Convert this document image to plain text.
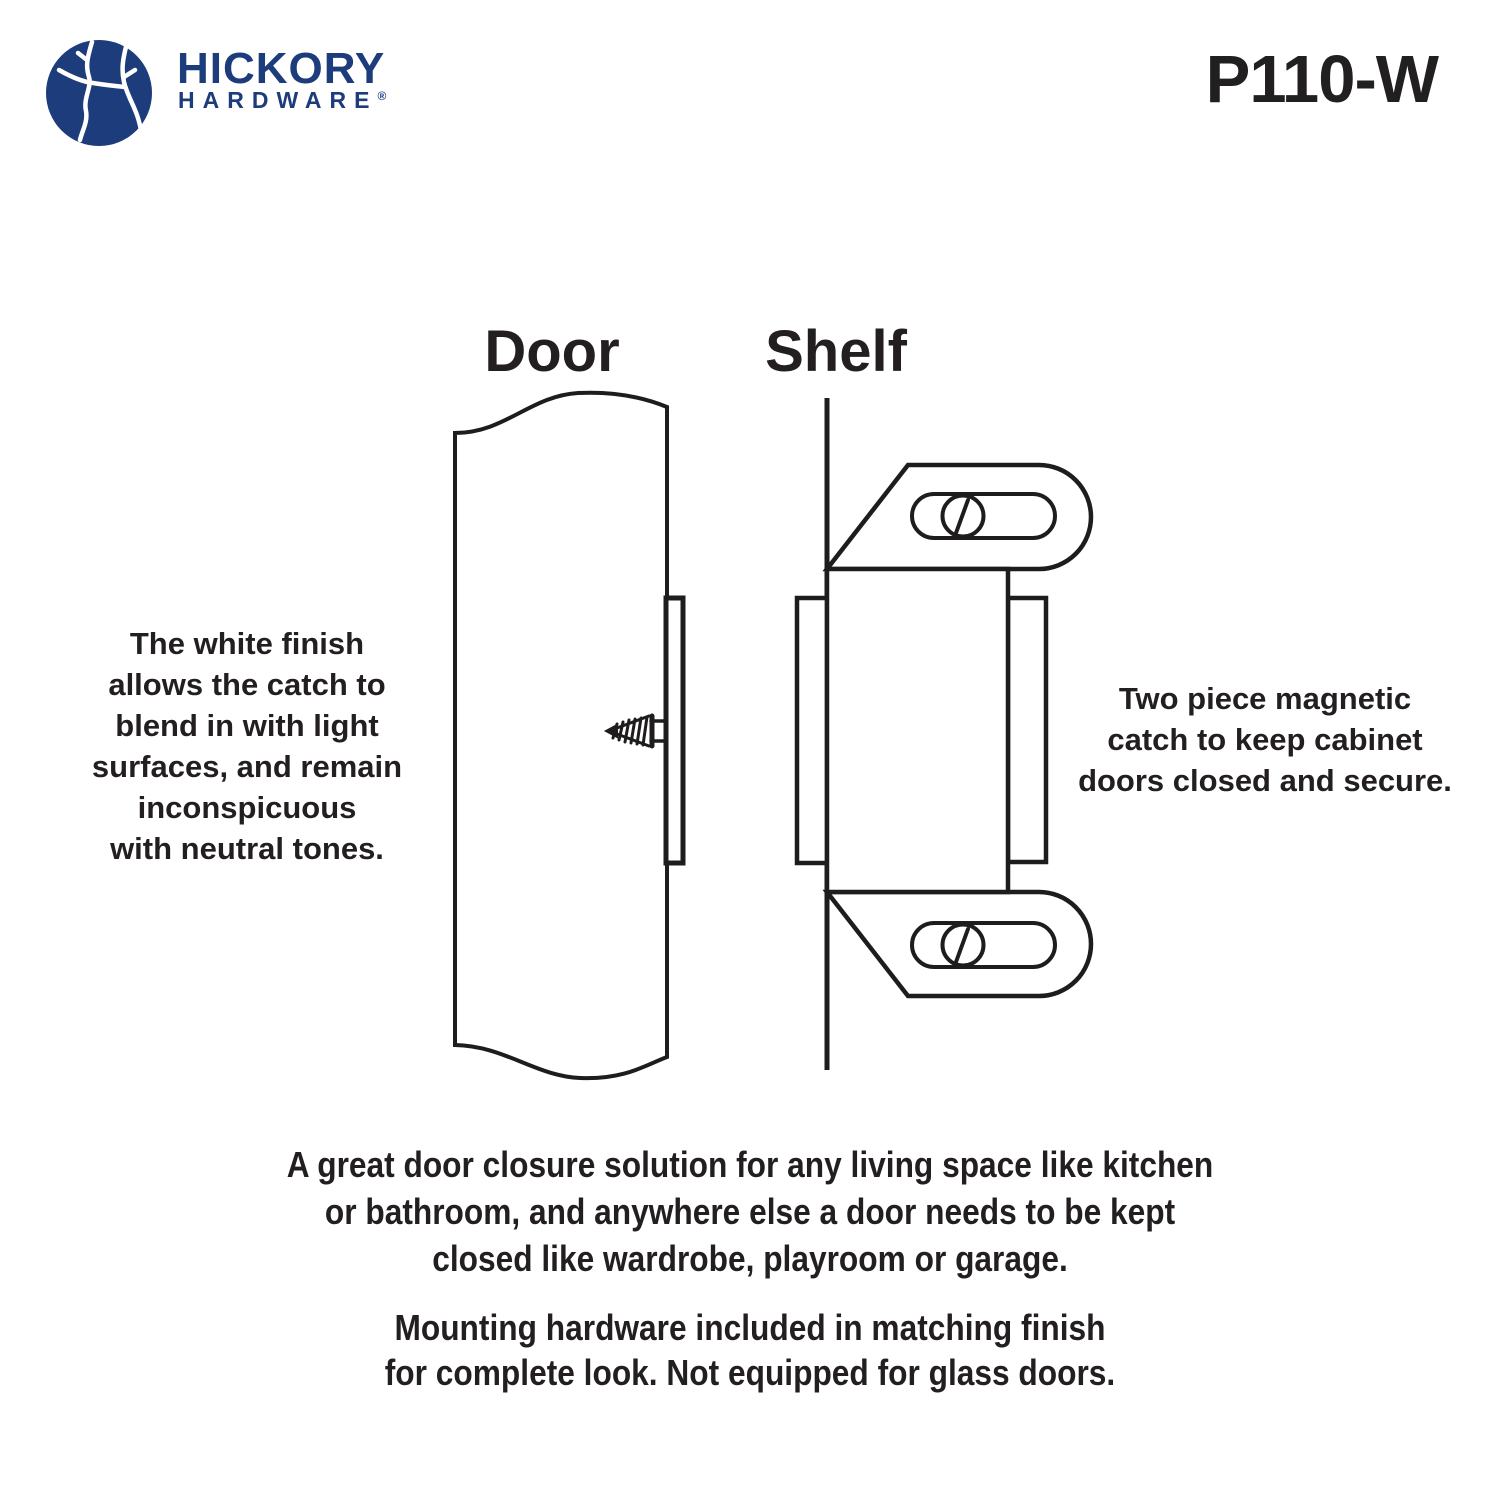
HICKORY
HARDWARE®	P110-W
Door	Shelf
The white finish
allows the catch to
blend in with light
surfaces, and remain
inconspicuous
with neutral tones.
Two piece magnetic
catch to keep cabinet
doors closed and secure.
A great door closure solution for any living space like kitchen
or bathroom, and anywhere else a door needs to be kept
closed like wardrobe, playroom or garage.
Mounting hardware included in matching finish
for complete look. Not equipped for glass doors.
